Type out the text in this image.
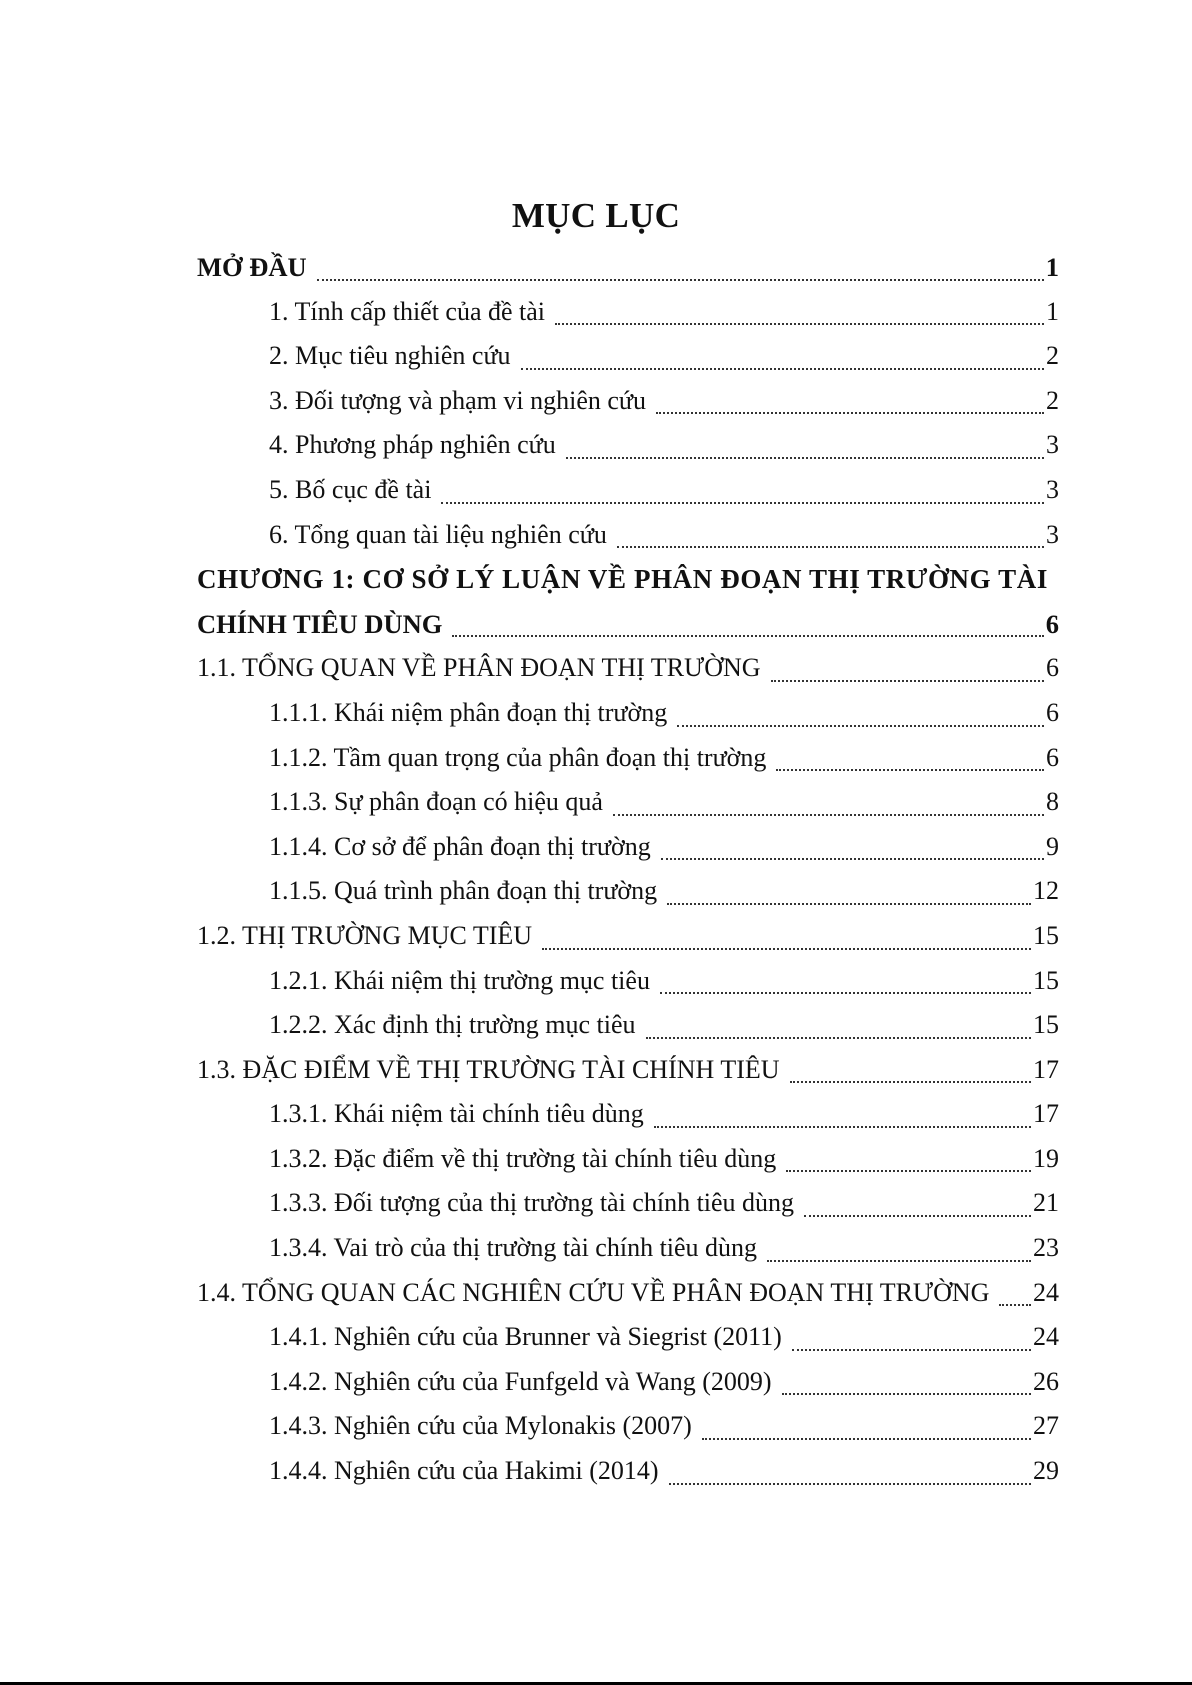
MỤC LỤC
MỞ ĐẦU	1
1. Tính cấp thiết của đề tài	1
2. Mục tiêu nghiên cứu	2
3. Đối tượng và phạm vi nghiên cứu	2
4. Phương pháp nghiên cứu	3
5. Bố cục đề tài	3
6. Tổng quan tài liệu nghiên cứu	3
CHƯƠNG 1: CƠ SỞ LÝ LUẬN VỀ PHÂN ĐOẠN THỊ TRƯỜNG TÀI
CHÍNH TIÊU DÙNG	6
1.1. TỔNG QUAN VỀ PHÂN ĐOẠN THỊ TRƯỜNG	6
1.1.1. Khái niệm phân đoạn thị trường	6
1.1.2. Tầm quan trọng của phân đoạn thị trường	6
1.1.3. Sự phân đoạn có hiệu quả	8
1.1.4. Cơ sở để phân đoạn thị trường	9
1.1.5. Quá trình phân đoạn thị trường	12
1.2. THỊ TRƯỜNG MỤC TIÊU	15
1.2.1. Khái niệm thị trường mục tiêu	15
1.2.2. Xác định thị trường mục tiêu	15
1.3. ĐẶC ĐIỂM VỀ THỊ TRƯỜNG TÀI CHÍNH TIÊU	17
1.3.1. Khái niệm tài chính tiêu dùng	17
1.3.2. Đặc điểm về thị trường tài chính tiêu dùng	19
1.3.3. Đối tượng của thị trường tài chính tiêu dùng	21
1.3.4. Vai trò của thị trường tài chính tiêu dùng	23
1.4. TỔNG QUAN CÁC NGHIÊN CỨU VỀ PHÂN ĐOẠN THỊ TRƯỜNG	24
1.4.1. Nghiên cứu của Brunner và Siegrist (2011)	24
1.4.2. Nghiên cứu của Funfgeld và Wang (2009)	26
1.4.3. Nghiên cứu của Mylonakis (2007)	27
1.4.4. Nghiên cứu của Hakimi (2014)	29
